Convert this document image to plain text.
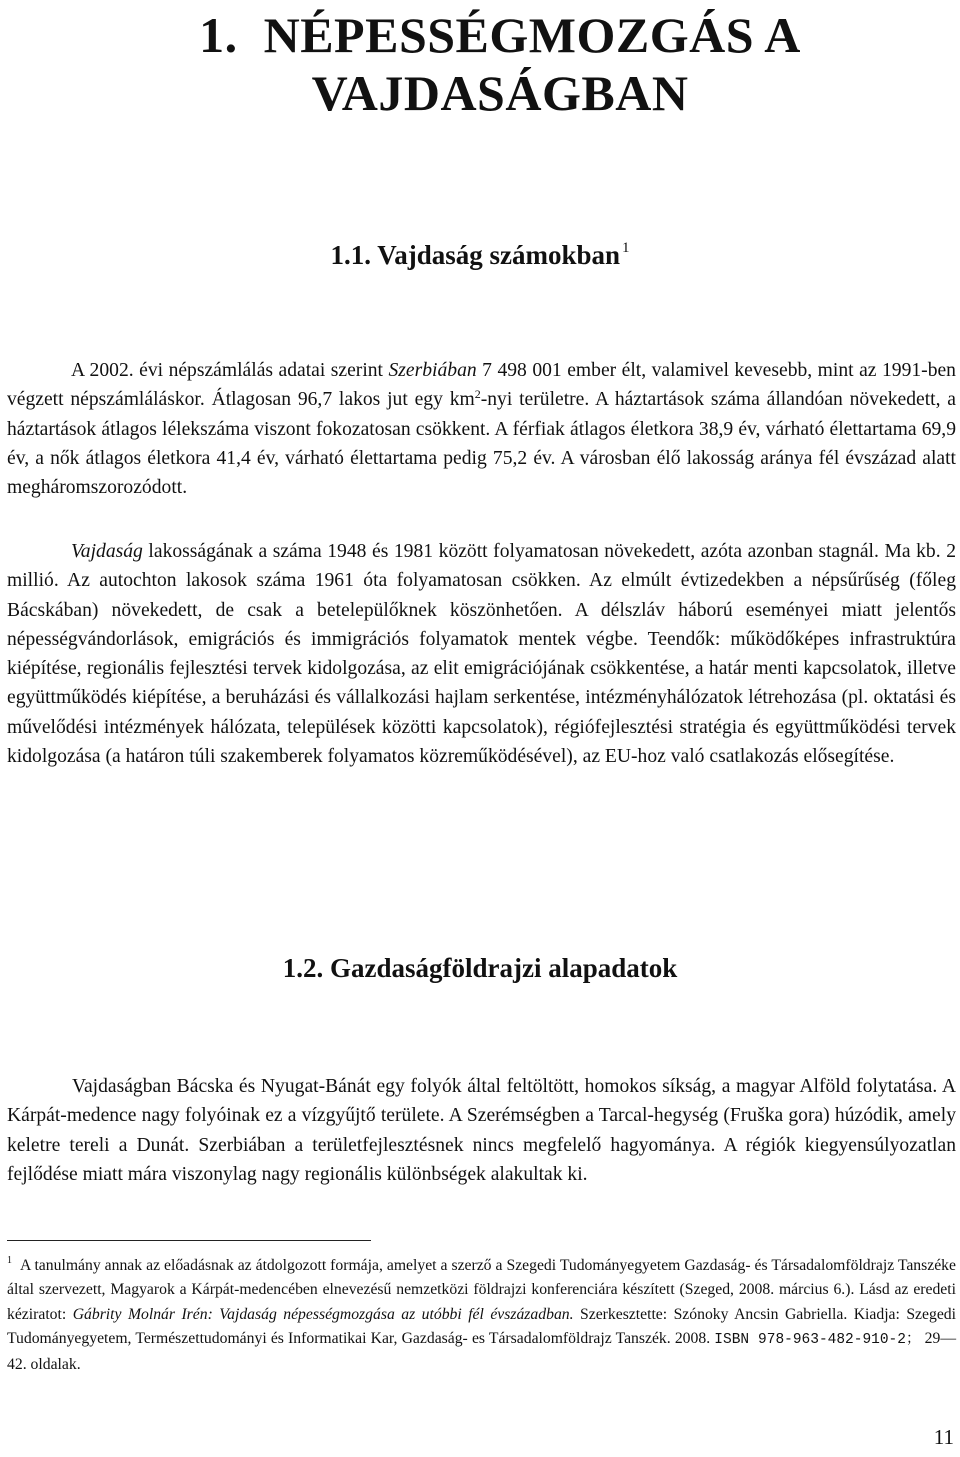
1. NÉPESSÉGMOZGÁS A
VAJDASÁGBAN
1.1. Vajdaság számokban $^1$

A 2002. évi népszámlálás adatai szerint Szerbiában 7 498 001 ember élt, valamivel kevesebb, mint az 1991-ben végzett népszámláláskor. Átlagosan 96,7 lakos jut egy $km^2$-nyi területre. A háztartások száma állandóan növekedett, a háztartások átlagos lélekszáma viszont fokozatosan csökkent. A férfiak átlagos életkora 38,9 év, várható élettartama 69,9 év, a nők átlagos életkora 41,4 év, várható élettartama pedig 75,2 év. A városban élő lakosság aránya fél évszázad alatt megháromszorozódott.

Vajdaság lakosságának a száma 1948 és 1981 között folyamatosan növekedett, azóta azonban stagnál. Ma kb. 2 millió. Az autochton lakosok száma 1961 óta folyamatosan csökken. Az elmúlt évtizedekben a népsűrűség (főleg Bácskában) növekedett, de csak a betelepülőknek köszönhetően. A délszláv háború eseményei miatt jelentős népességvándorlások, emigrációs és immigrációs folyamatok mentek végbe. Teendők: működőképes infrastruktúra kiépítése, regionális fejlesztési tervek kidolgozása, az elit emigrációjának csökkentése, a határ menti kapcsolatok, illetve együttműködés kiépítése, a beruházási és vállalkozási hajlam serkentése, intézményhálózatok létrehozása (pl. oktatási és művelődési intézmények hálózata, települések közötti kapcsolatok), régiófejlesztési stratégia és együttműködési tervek kidolgozása (a határon túli szakemberek folyamatos közreműködésével), az EU-hoz való csatlakozás elősegítése.

1.2. Gazdaságföldrajzi alapadatok

Vajdaságban Bácska és Nyugat-Bánát egy folyók által feltöltött, homokos síkság, a magyar Alföld folytatása. A Kárpát-medence nagy folyóinak ez a vízgyűjtő területe. A Szerémségben a Tarcal-hegység (Fruška gora) húzódik, amely keletre tereli a Dunát. Szerbiában a területfejlesztésnek nincs megfelelő hagyománya. A régiók kiegyensúlyozatlan fejlődése miatt mára viszonylag nagy regionális különbségek alakultak ki.

$^1$ A tanulmány annak az előadásnak az átdolgozott formája, amelyet a szerző a Szegedi Tudományegyetem Gazdaság- és Társadalomföldrajz Tanszéke által szervezett, Magyarok a Kárpát-medencében elnevezésű nemzetközi földrajzi konferenciára készített (Szeged, 2008. március 6.). Lásd az eredeti kéziratot: Gábrity Molnár Irén: Vajdaság népességmozgása az utóbbi fél évszázadban. Szerkesztette: Szónoky Ancsin Gabriella. Kiadja: Szegedi Tudományegyetem, Természettudományi és Informatikai Kar, Gazdaság- es Társadalomföldrajz Tanszék. 2008. ISBN 978-963-482-910-2； 29—42. oldalak.

11
